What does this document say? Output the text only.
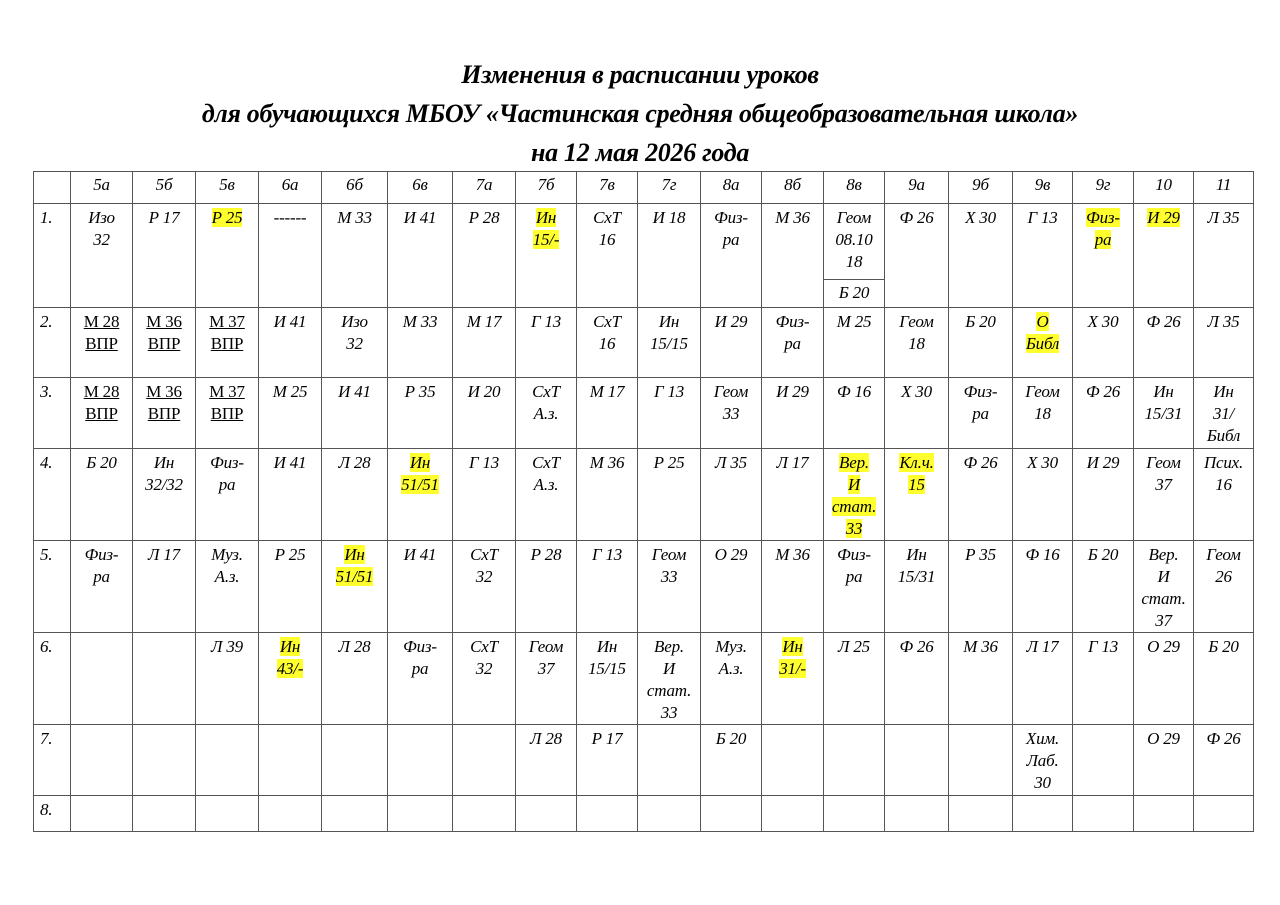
Изменения в расписании уроков
для обучающихся МБОУ «Частинская средняя общеобразовательная школа»
на 12 мая 2026 года
	5а	5б	5в	6а	6б	6в	7а	7б	7в	7г	8а	8б	8в	9а	9б	9в	9г	10	11
1.	Изо
32	Р 17	Р 25	------	М 33	И 41	Р 28	Ин
15/-	СхТ
16	И 18	Физ-
ра	М 36	Геом
08.10
18
Б 20	Ф 26	Х 30	Г 13	Физ-
ра	И 29	Л 35
2.	М 28
ВПР	М 36
ВПР	М 37
ВПР	И 41	Изо
32	М 33	М 17	Г 13	СхТ
16	Ин
15/15	И 29	Физ-
ра	М 25	Геом
18	Б 20	О
Библ	Х 30	Ф 26	Л 35
3.	М 28
ВПР	М 36
ВПР	М 37
ВПР	М 25	И 41	Р 35	И 20	СхТ
А.з.	М 17	Г 13	Геом
33	И 29	Ф 16	Х 30	Физ-
ра	Геом
18	Ф 26	Ин
15/31	Ин
31/
Библ
4.	Б 20	Ин
32/32	Физ-
ра	И 41	Л 28	Ин
51/51	Г 13	СхТ
А.з.	М 36	Р 25	Л 35	Л 17	Вер.
И
стат.
33	Кл.ч.
15	Ф 26	Х 30	И 29	Геом
37	Псих.
16
5.	Физ-
ра	Л 17	Муз.
А.з.	Р 25	Ин
51/51	И 41	СхТ
32	Р 28	Г 13	Геом
33	О 29	М 36	Физ-
ра	Ин
15/31	Р 35	Ф 16	Б 20	Вер.
И
стат.
37	Геом
26
6.			Л 39	Ин
43/-	Л 28	Физ-
ра	СхТ
32	Геом
37	Ин
15/15	Вер.
И
стат.
33	Муз.
А.з.	Ин
31/-	Л 25	Ф 26	М 36	Л 17	Г 13	О 29	Б 20
7.								Л 28	Р 17		Б 20					Хим.
Лаб.
30		О 29	Ф 26
8.																			
